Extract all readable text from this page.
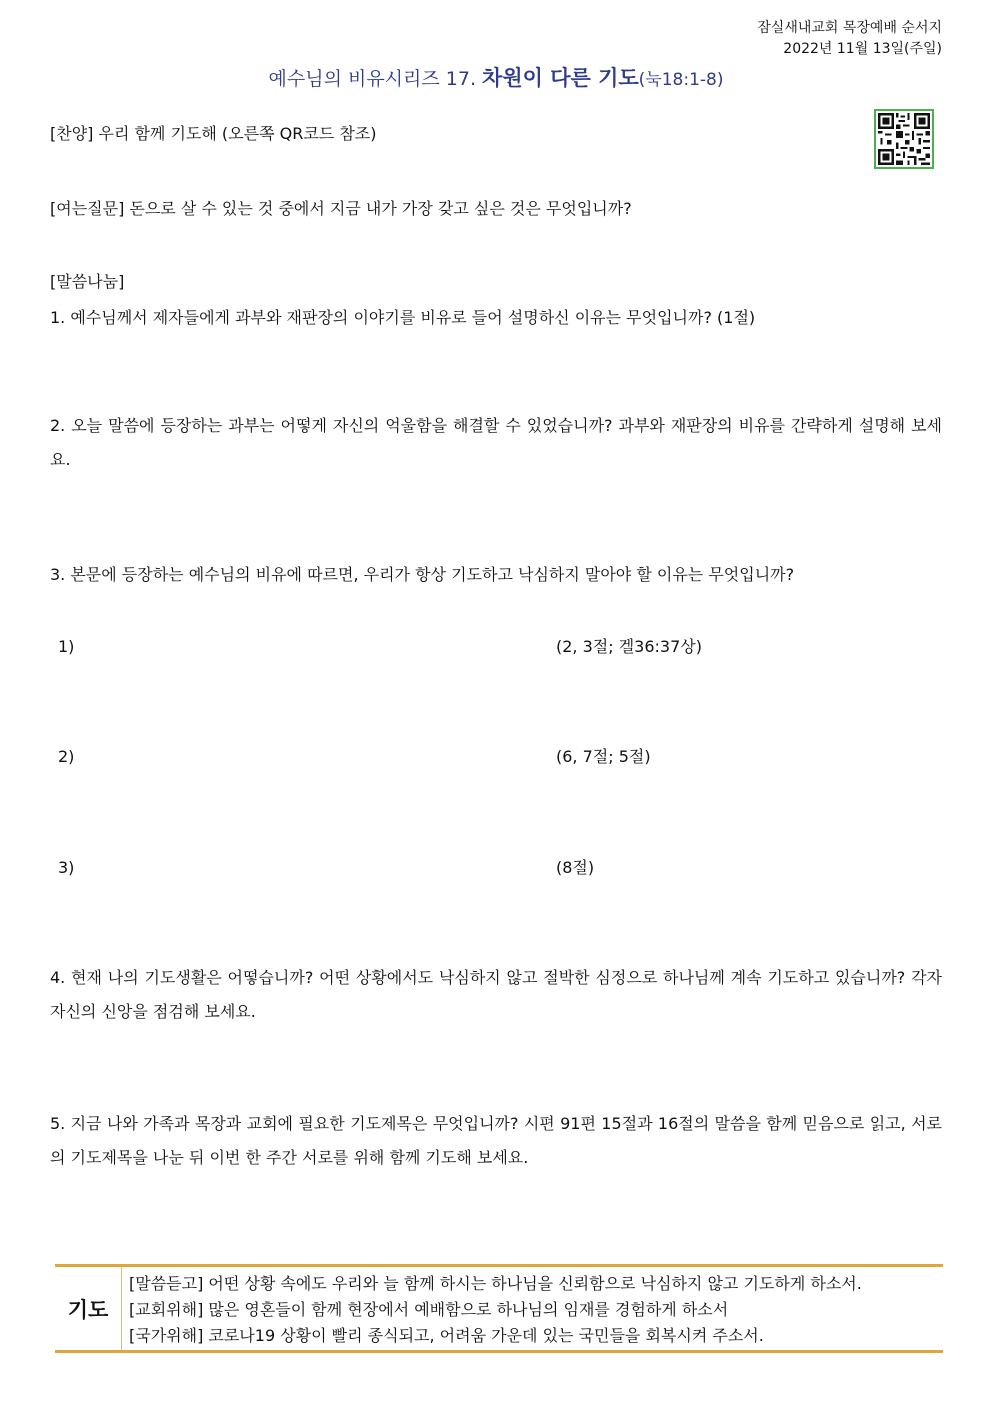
잠실새내교회 목장예배 순서지
2022년 11월 13일(주일)
예수님의 비유시리즈 17. 차원이 다른 기도(눅18:1-8)
[찬양] 우리 함께 기도해 (오른쪽 QR코드 참조)
[여는질문] 돈으로 살 수 있는 것 중에서 지금 내가 가장 갖고 싶은 것은 무엇입니까?
[말씀나눔]
1. 예수님께서 제자들에게 과부와 재판장의 이야기를 비유로 들어 설명하신 이유는 무엇입니까? (1절)
2. 오늘 말씀에 등장하는 과부는 어떻게 자신의 억울함을 해결할 수 있었습니까? 과부와 재판장의 비유를 간략하게 설명해 보세요.
3. 본문에 등장하는 예수님의 비유에 따르면, 우리가 항상 기도하고 낙심하지 말아야 할 이유는 무엇입니까?
1)	(2, 3절; 겔36:37상)
2)	(6, 7절; 5절)
3)	(8절)
4. 현재 나의 기도생활은 어떻습니까? 어떤 상황에서도 낙심하지 않고 절박한 심정으로 하나님께 계속 기도하고 있습니까? 각자 자신의 신앙을 점검해 보세요.
5. 지금 나와 가족과 목장과 교회에 필요한 기도제목은 무엇입니까? 시편 91편 15절과 16절의 말씀을 함께 믿음으로 읽고, 서로의 기도제목을 나눈 뒤 이번 한 주간 서로를 위해 함께 기도해 보세요.
기도
[말씀듣고] 어떤 상황 속에도 우리와 늘 함께 하시는 하나님을 신뢰함으로 낙심하지 않고 기도하게 하소서.
[교회위해] 많은 영혼들이 함께 현장에서 예배함으로 하나님의 임재를 경험하게 하소서
[국가위해] 코로나19 상황이 빨리 종식되고, 어려움 가운데 있는 국민들을 회복시켜 주소서.
